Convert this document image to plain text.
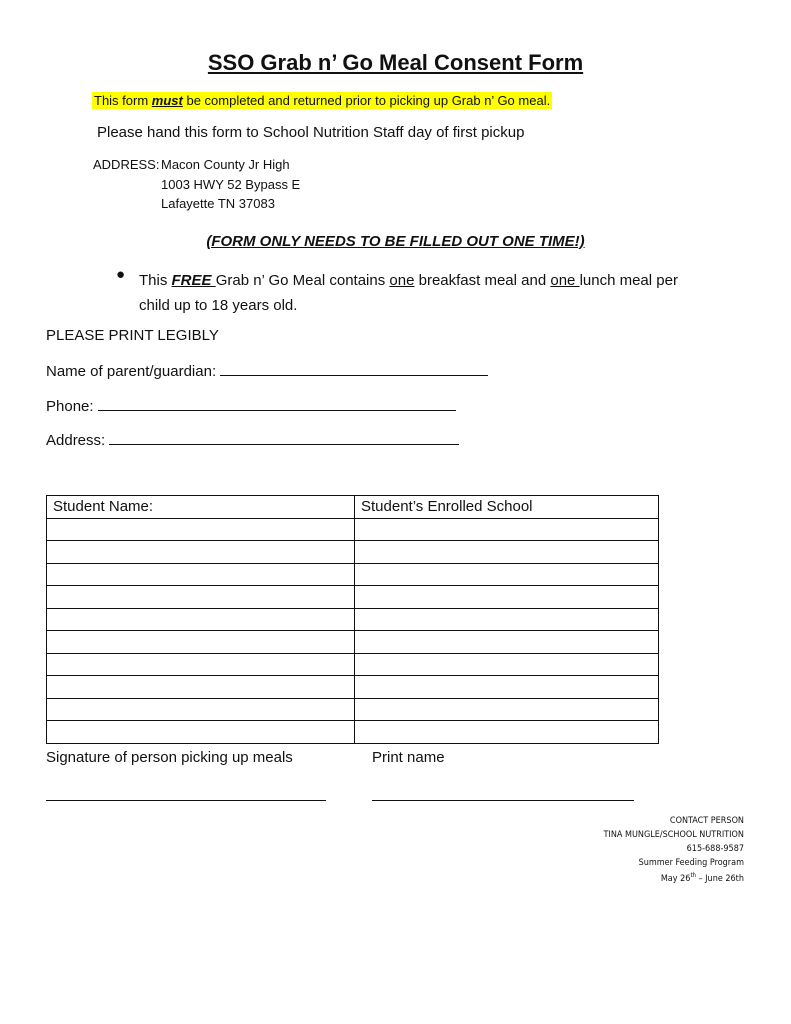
SSO Grab n’ Go Meal Consent Form
This form must be completed and returned prior to picking up Grab n’ Go meal.
Please hand this form to School Nutrition Staff day of first pickup
ADDRESS: Macon County Jr High
1003 HWY 52 Bypass E
Lafayette TN 37083
(FORM ONLY NEEDS TO BE FILLED OUT ONE TIME!)
● This FREE Grab n’ Go Meal contains one breakfast meal and one lunch meal per
child up to 18 years old.
PLEASE PRINT LEGIBLY
Name of parent/guardian:
Phone:
Address:
Student Name:	Student’s Enrolled School

Signature of person picking up meals	Print name
CONTACT PERSON
TINA MUNGLE/SCHOOL NUTRITION
615-688-9587
Summer Feeding Program
May 26th – June 26th
